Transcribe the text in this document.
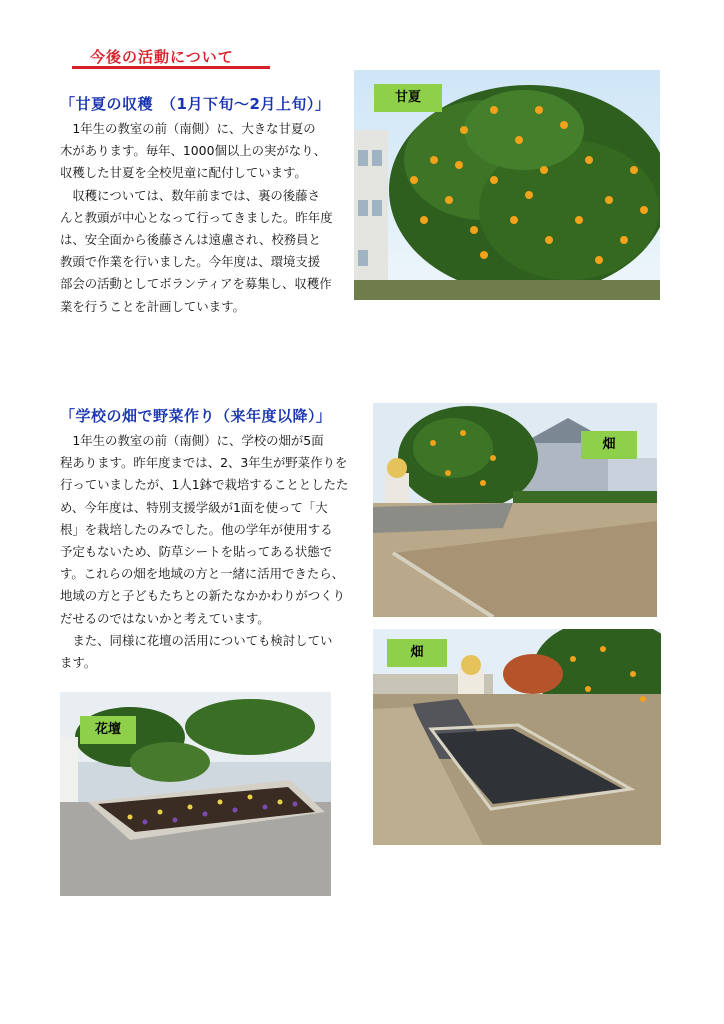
今後の活動について
「甘夏の収穫　（1月下旬～2月上旬）」

　1年生の教室の前（南側）に、大きな甘夏の

木があります。毎年、1000個以上の実がなり、

収穫した甘夏を全校児童に配付しています。

　収穫については、数年前までは、裏の後藤さ

んと教頭が中心となって行ってきました。昨年度

は、安全面から後藤さんは遠慮され、校務員と

教頭で作業を行いました。今年度は、環境支援

部会の活動としてボランティアを募集し、収穫作

業を行うことを計画しています。

甘夏
「学校の畑で野菜作り（来年度以降）」

　1年生の教室の前（南側）に、学校の畑が5面

程あります。昨年度までは、2、3年生が野菜作りを

行っていましたが、1人1鉢で栽培することとしたた

め、今年度は、特別支援学級が1面を使って「大

根」を栽培したのみでした。他の学年が使用する

予定もないため、防草シートを貼ってある状態で

す。これらの畑を地域の方と一緒に活用できたら、

地域の方と子どもたちとの新たなかかわりがつくり

だせるのではないかと考えています。

　また、同様に花壇の活用についても検討してい

ます。

畑
畑
花壇
